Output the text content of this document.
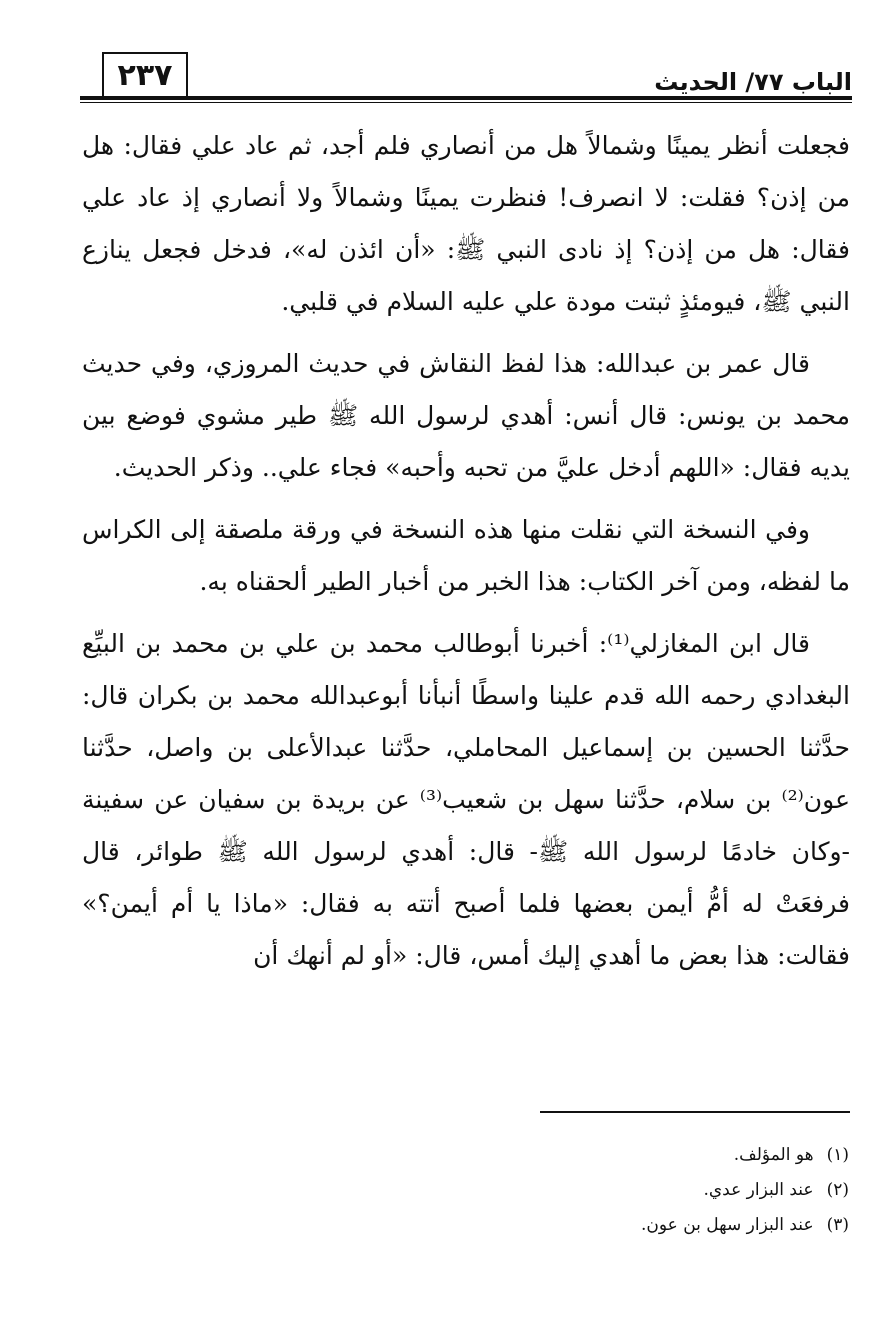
٢٣٧	الباب ٧٧/ الحديث

فجعلت أنظر يمينًا وشمالاً هل من أنصاري فلم أجد، ثم عاد علي فقال: هل من إذن؟ فقلت: لا انصرف! فنظرت يمينًا وشمالاً ولا أنصاري إذ عاد علي فقال: هل من إذن؟ إذ نادى النبي ﷺ: «أن ائذن له»، فدخل فجعل ينازع النبي ﷺ، فيومئذٍ ثبتت مودة علي عليه السلام في قلبي.

قال عمر بن عبدالله: هذا لفظ النقاش في حديث المروزي، وفي حديث محمد بن يونس: قال أنس: أهدي لرسول الله ﷺ طير مشوي فوضع بين يديه فقال: «اللهم أدخل عليَّ من تحبه وأحبه» فجاء علي.. وذكر الحديث.

وفي النسخة التي نقلت منها هذه النسخة في ورقة ملصقة إلى الكراس ما لفظه، ومن آخر الكتاب: هذا الخبر من أخبار الطير ألحقناه به.

قال ابن المغازلي⁽¹⁾: أخبرنا أبوطالب محمد بن علي بن محمد بن البيِّع البغدادي رحمه الله قدم علينا واسطًا أنبأنا أبوعبدالله محمد بن بكران قال: حدَّثنا الحسين بن إسماعيل المحاملي، حدَّثنا عبدالأعلى بن واصل، حدَّثنا عون⁽²⁾ بن سلام، حدَّثنا سهل بن شعيب⁽³⁾ عن بريدة بن سفيان عن سفينة -وكان خادمًا لرسول الله ﷺ- قال: أهدي لرسول الله ﷺ طوائر، قال فرفعَتْ له أمُّ أيمن بعضها فلما أصبح أتته به فقال: «ماذا يا أم أيمن؟» فقالت: هذا بعض ما أهدي إليك أمس، قال: «أو لم أنهك أن

(١) هو المؤلف.
(٢) عند البزار عدي.
(٣) عند البزار سهل بن عون.
